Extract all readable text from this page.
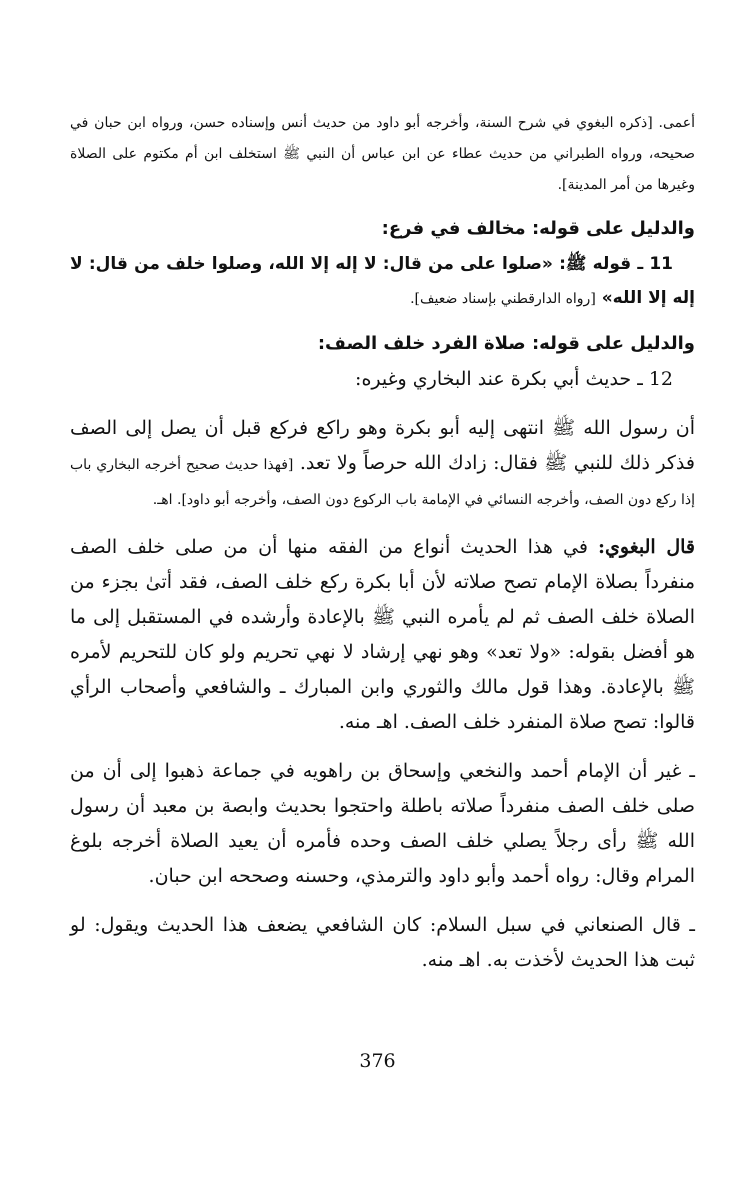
أعمى. [ذكره البغوي في شرح السنة، وأخرجه أبو داود من حديث أنس وإسناده حسن، ورواه ابن حبان في صحيحه، ورواه الطبراني من حديث عطاء عن ابن عباس أن النبي ﷺ استخلف ابن أم مكتوم على الصلاة وغيرها من أمر المدينة].

والدليل على قوله: مخالف في فرع:

11 ـ قوله ﷺ: «صلوا على من قال: لا إله إلا الله، وصلوا خلف من قال: لا إله إلا الله» [رواه الدارقطني بإسناد ضعيف].

والدليل على قوله: صلاة الفرد خلف الصف:

12 ـ حديث أبي بكرة عند البخاري وغيره:

أن رسول الله ﷺ انتهى إليه أبو بكرة وهو راكع فركع قبل أن يصل إلى الصف فذكر ذلك للنبي ﷺ فقال: زادك الله حرصاً ولا تعد. [فهذا حديث صحيح أخرجه البخاري باب إذا ركع دون الصف، وأخرجه النسائي في الإمامة باب الركوع دون الصف، وأخرجه أبو داود]. اهـ.

قال البغوي: في هذا الحديث أنواع من الفقه منها أن من صلى خلف الصف منفرداً بصلاة الإمام تصح صلاته لأن أبا بكرة ركع خلف الصف، فقد أتىٰ بجزء من الصلاة خلف الصف ثم لم يأمره النبي ﷺ بالإعادة وأرشده في المستقبل إلى ما هو أفضل بقوله: «ولا تعد» وهو نهي إرشاد لا نهي تحريم ولو كان للتحريم لأمره ﷺ بالإعادة. وهذا قول مالك والثوري وابن المبارك ـ والشافعي وأصحاب الرأي قالوا: تصح صلاة المنفرد خلف الصف. اهـ منه.

ـ غير أن الإمام أحمد والنخعي وإسحاق بن راهويه في جماعة ذهبوا إلى أن من صلى خلف الصف منفرداً صلاته باطلة واحتجوا بحديث وابصة بن معبد أن رسول الله ﷺ رأى رجلاً يصلي خلف الصف وحده فأمره أن يعيد الصلاة أخرجه بلوغ المرام وقال: رواه أحمد وأبو داود والترمذي، وحسنه وصححه ابن حبان.

ـ قال الصنعاني في سبل السلام: كان الشافعي يضعف هذا الحديث ويقول: لو ثبت هذا الحديث لأخذت به. اهـ منه.

376
